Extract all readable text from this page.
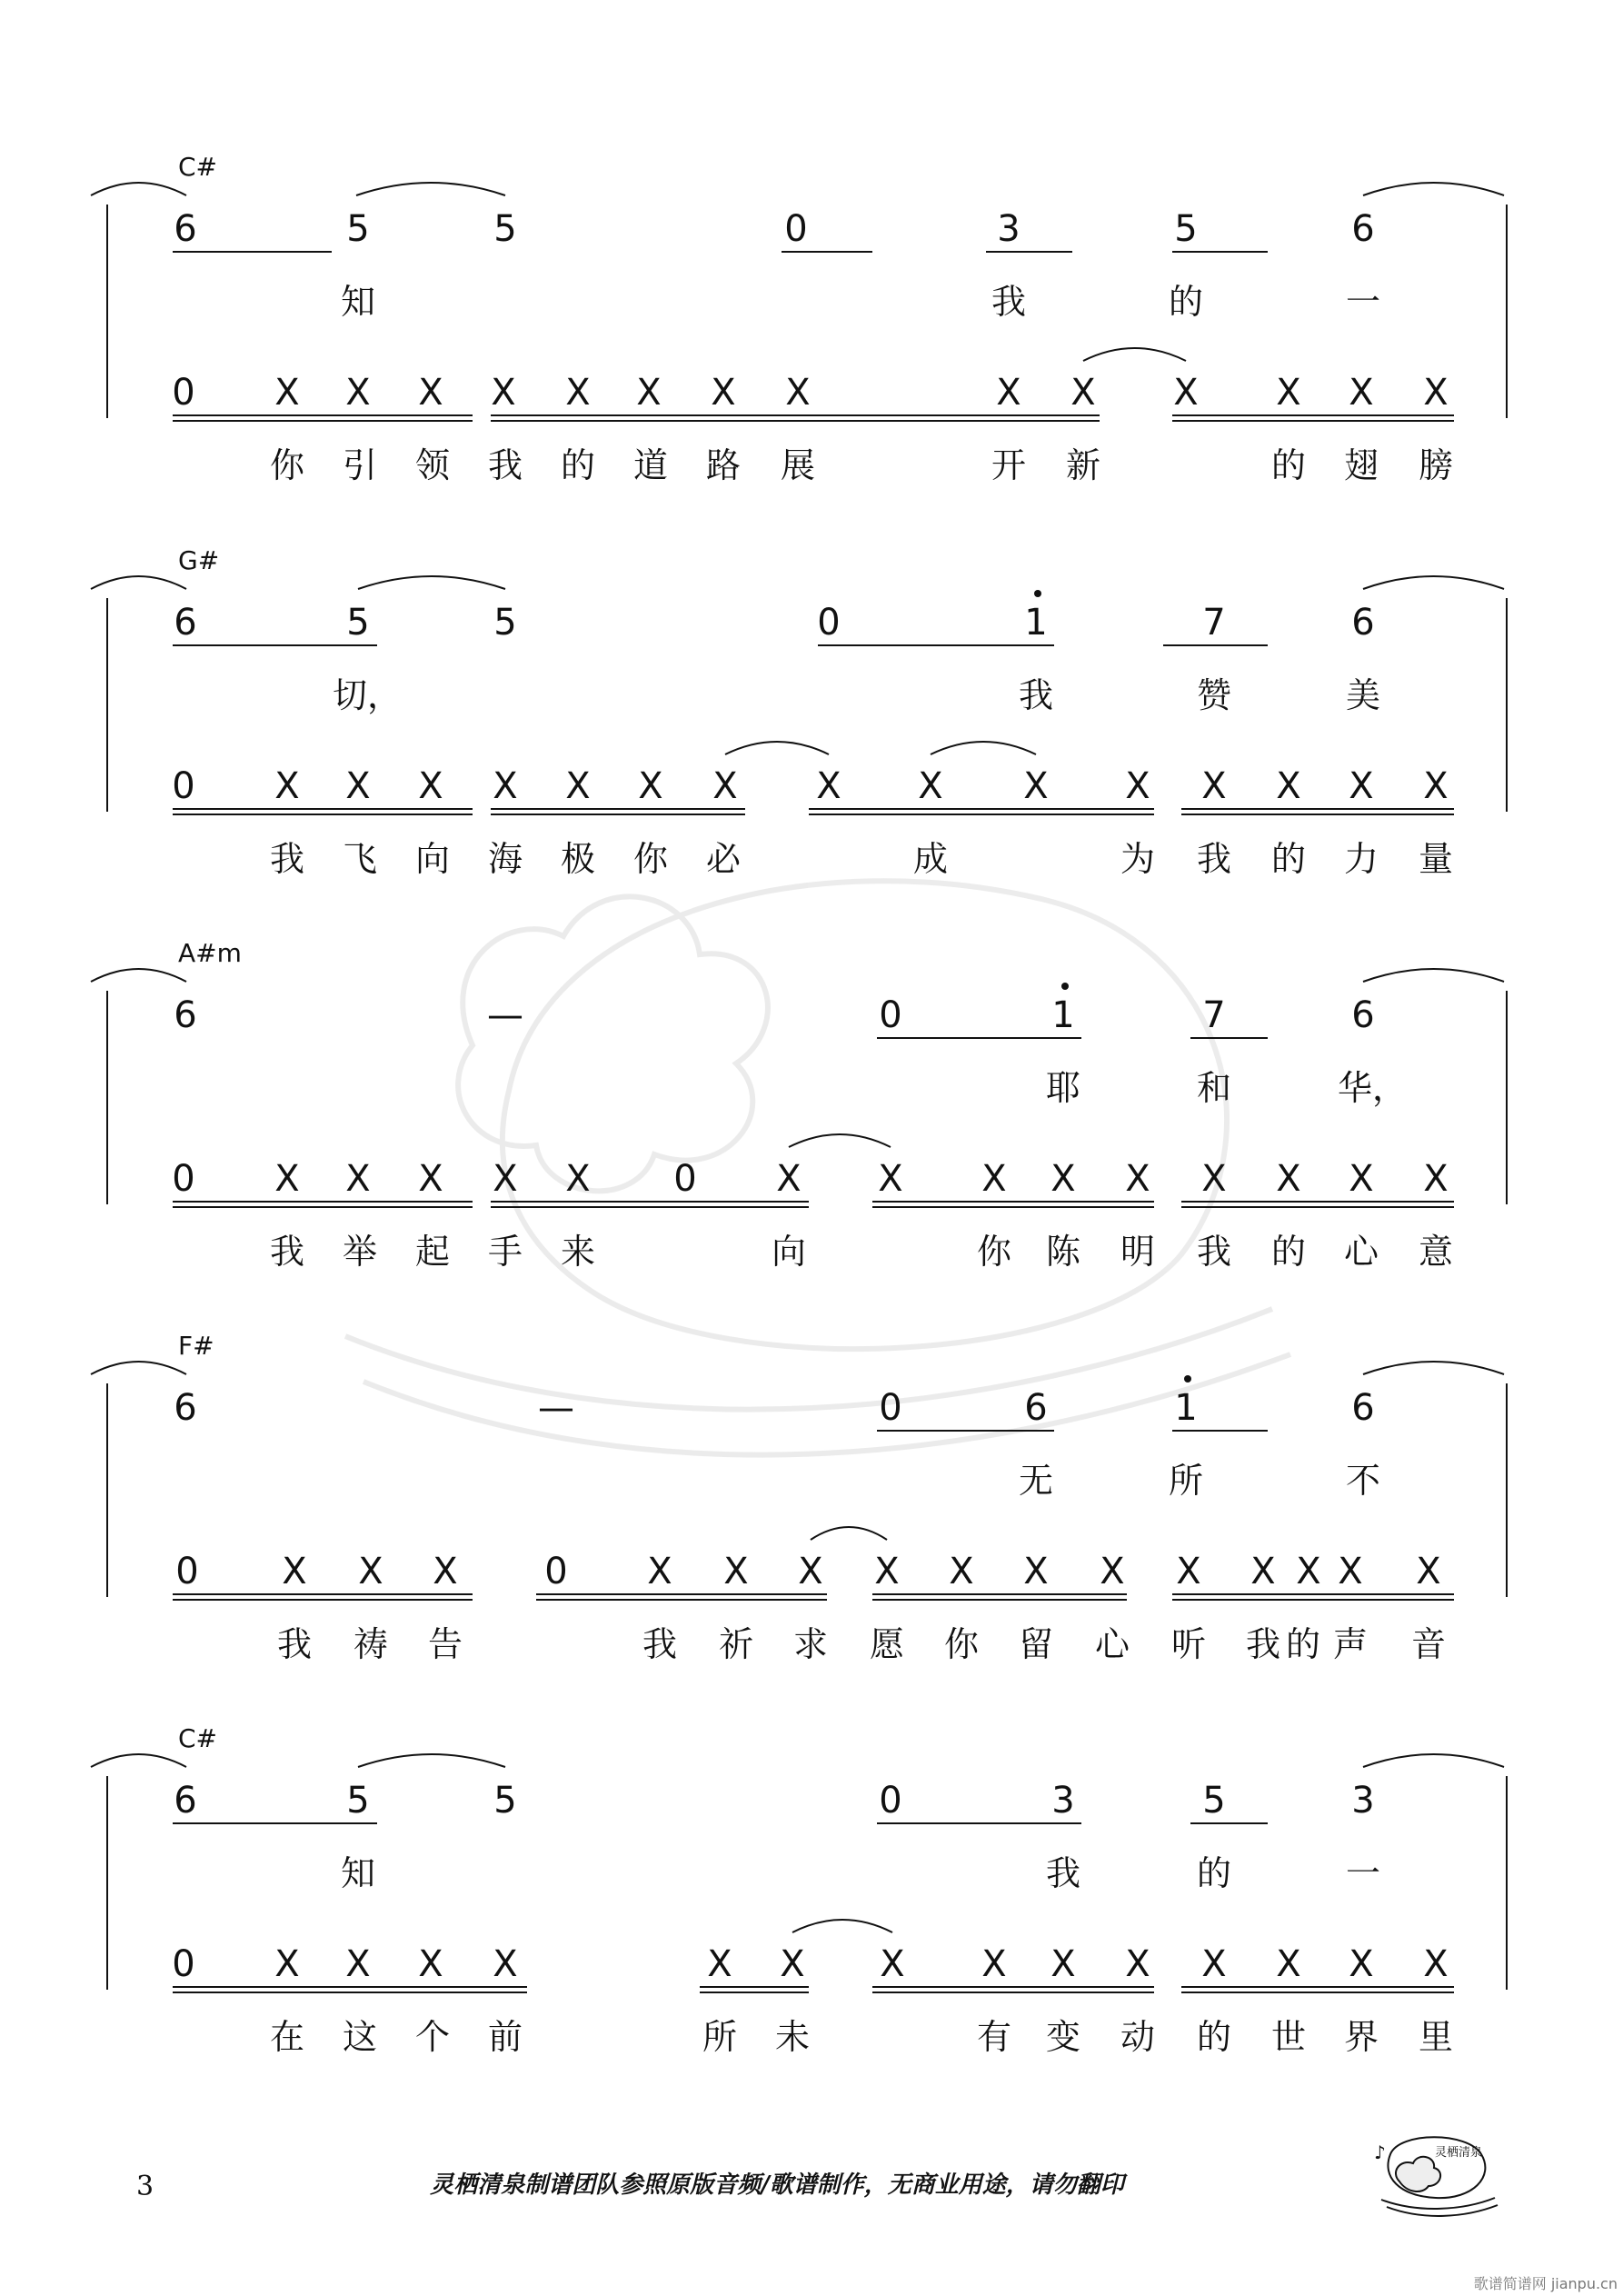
C#
6	5	5	0	3	5	6
知	我	的	一
0 X X X X X X X X	X X X X X X
你 引 领 我 的 道 路 展	开 新	的 翅 膀
G#
6	5	5	0	1	7	6
切，	我	赞	美
0 X X X X X X X X X X X X X X X
我 飞 向 海 极 你 必	成	为 我 的 力 量
A#m
6	—	0	1	7	6
耶	和	华，
0 X X X X X 0 X X X X X X X X X
我 举 起 手 来	向	你 陈 明 我 的 心 意
F#
6	—	0	6	1	6
无	所	不
0 X X X 0 X X X X X X X X X X X X
我 祷 告	我 祈 求 愿 你 留 心 听 我 的 声 音
C#
6	5	5	0	3	5	3
知	我	的	一
0 X X X X	X X X X X X X X X X
在 这 个 前	所 未	有 变 动 的 世 界 里
3	灵栖清泉制谱团队参照原版音频/歌谱制作，无商业用途，请勿翻印
灵栖清泉
♪
歌谱简谱网 jianpu.cn
